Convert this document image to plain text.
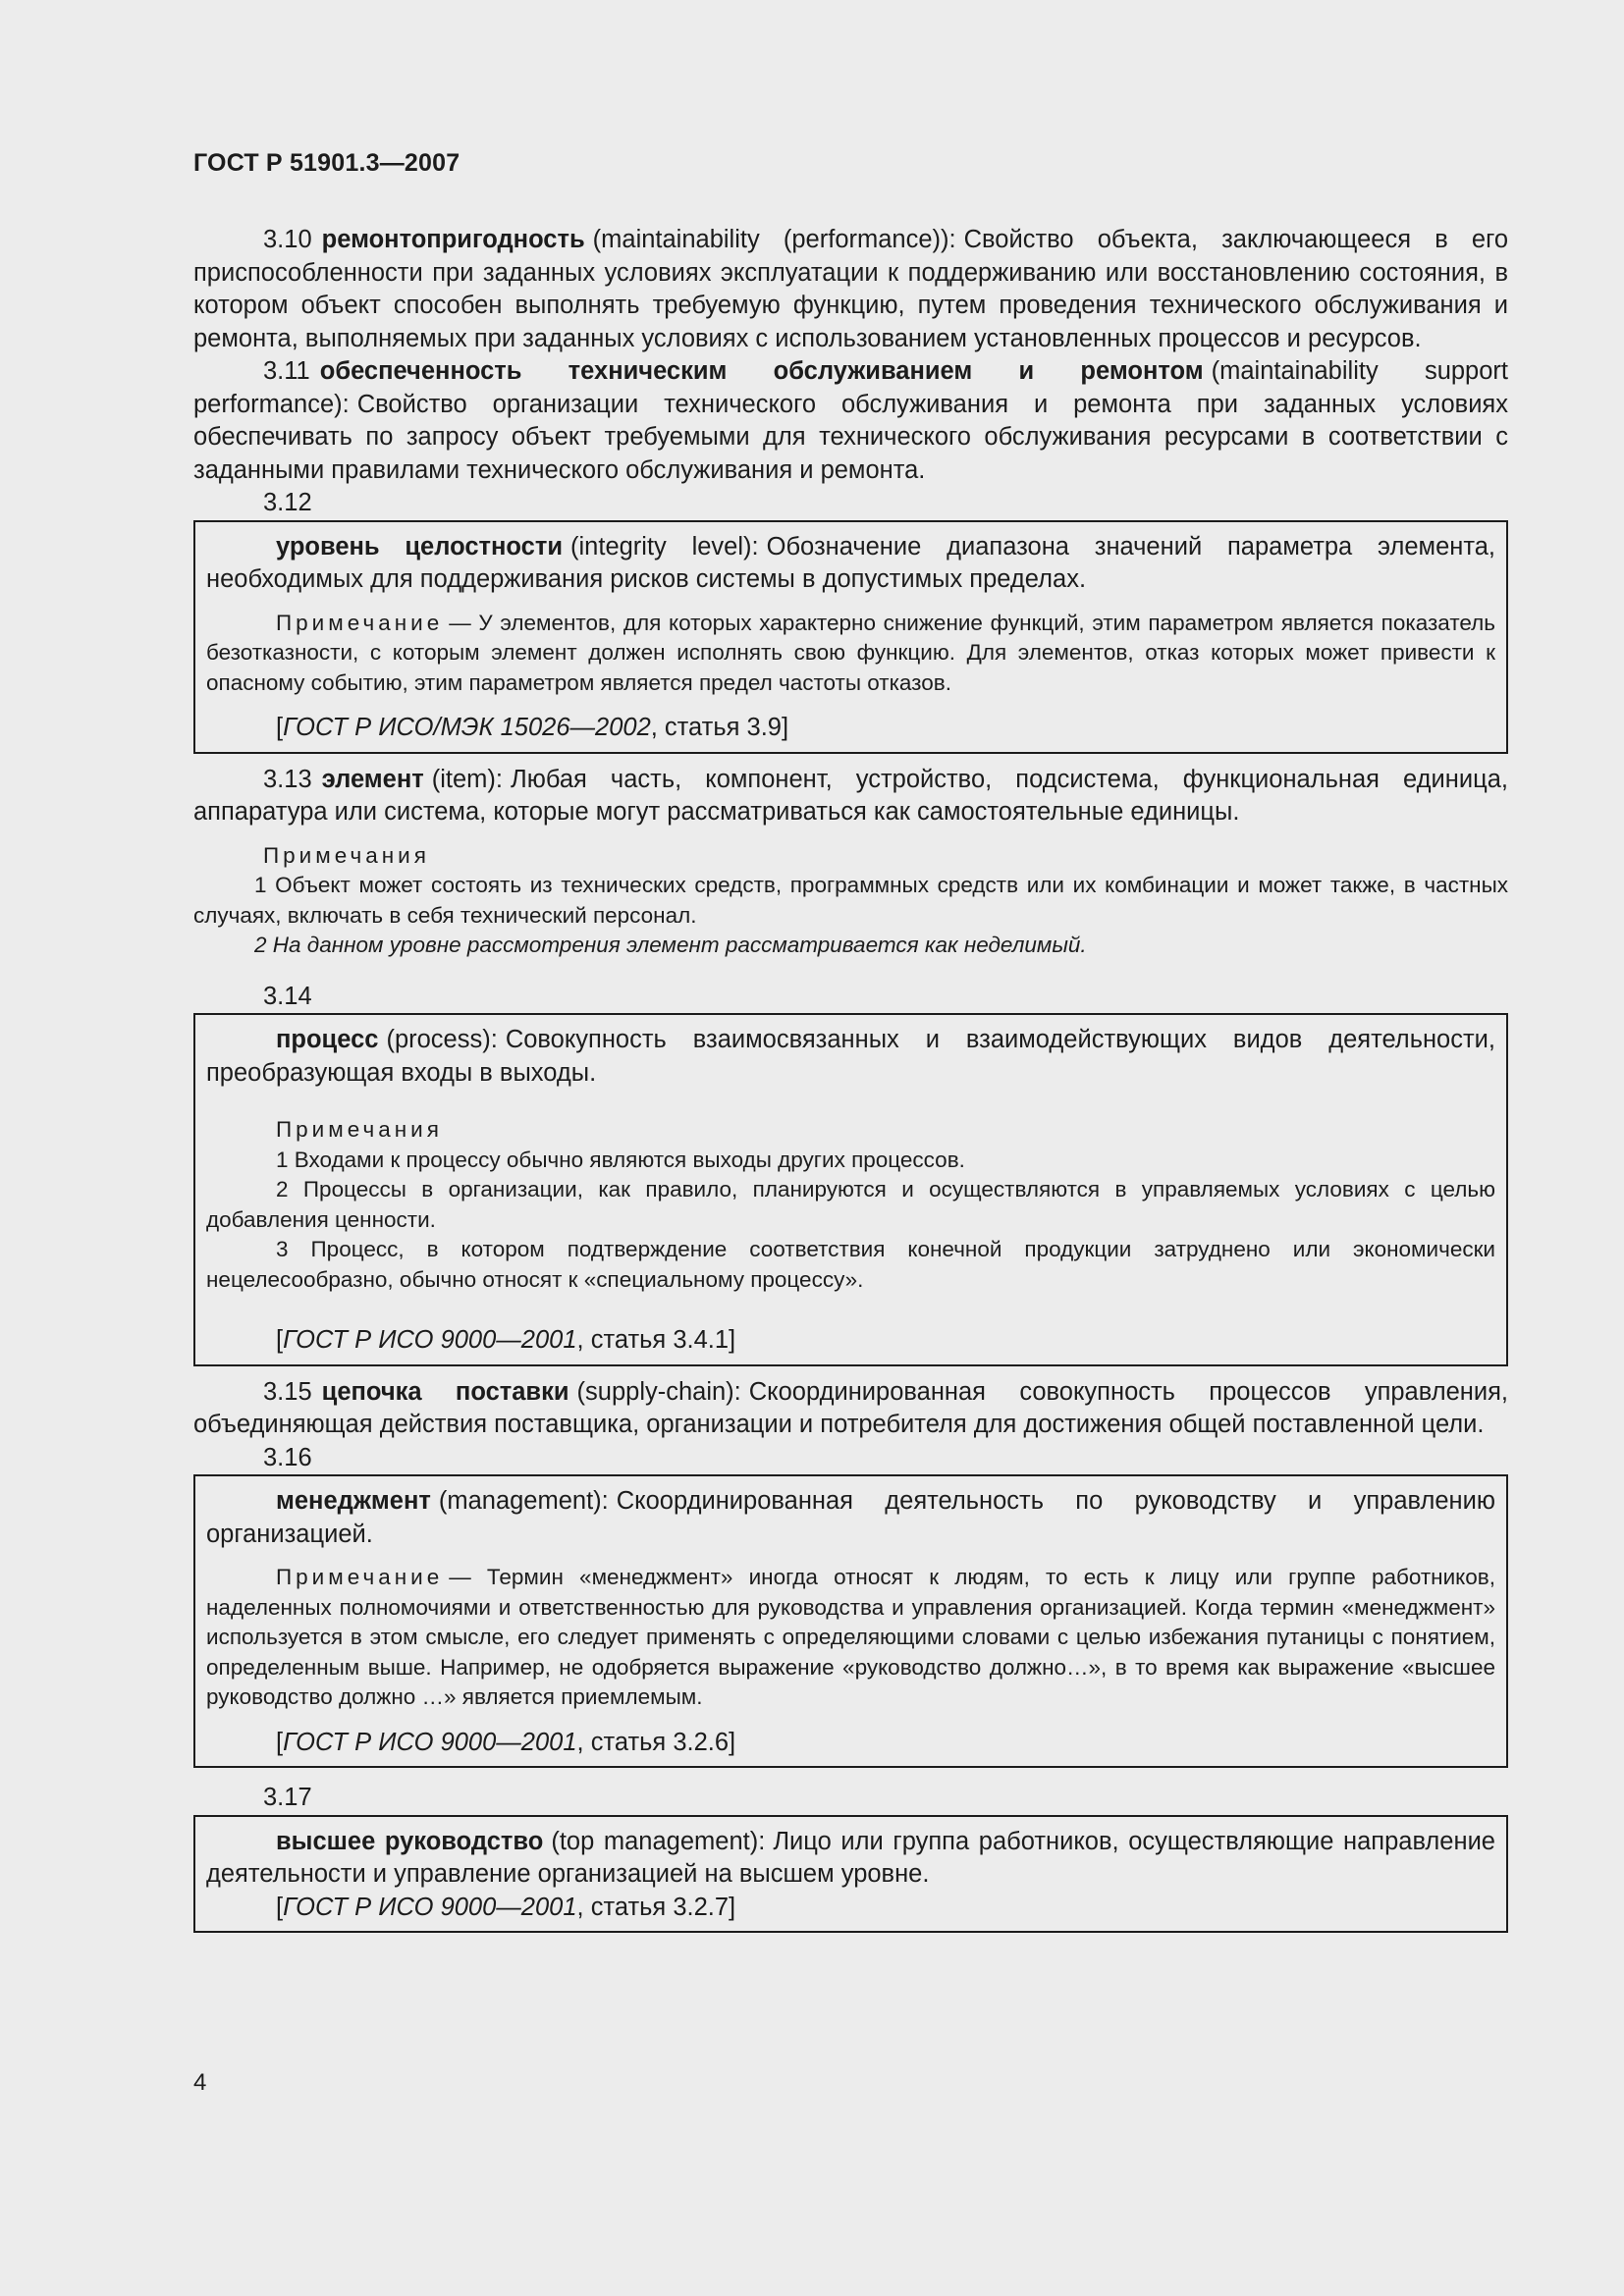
ГОСТ Р 51901.3—2007

3.10 ремонтопригодность (maintainability (performance)): Свойство объекта, заключающееся в его приспособленности при заданных условиях эксплуатации к поддерживанию или восстановлению состояния, в котором объект способен выполнять требуемую функцию, путем проведения технического обслуживания и ремонта, выполняемых при заданных условиях с использованием установленных процессов и ресурсов.

3.11 обеспеченность техническим обслуживанием и ремонтом (maintainability support performance): Свойство организации технического обслуживания и ремонта при заданных условиях обеспечивать по запросу объект требуемыми для технического обслуживания ресурсами в соответствии с заданными правилами технического обслуживания и ремонта.

3.12

уровень целостности (integrity level): Обозначение диапазона значений параметра элемента, необходимых для поддерживания рисков системы в допустимых пределах.

Примечание — У элементов, для которых характерно снижение функций, этим параметром является показатель безотказности, с которым элемент должен исполнять свою функцию. Для элементов, отказ которых может привести к опасному событию, этим параметром является предел частоты отказов.

[ГОСТ Р ИСО/МЭК 15026—2002, статья 3.9]

3.13 элемент (item): Любая часть, компонент, устройство, подсистема, функциональная единица, аппаратура или система, которые могут рассматриваться как самостоятельные единицы.

Примечания

1 Объект может состоять из технических средств, программных средств или их комбинации и может также, в частных случаях, включать в себя технический персонал.

2 На данном уровне рассмотрения элемент рассматривается как неделимый.

3.14

процесс (process): Совокупность взаимосвязанных и взаимодействующих видов деятельности, преобразующая входы в выходы.

Примечания

1 Входами к процессу обычно являются выходы других процессов.

2 Процессы в организации, как правило, планируются и осуществляются в управляемых условиях с целью добавления ценности.

3 Процесс, в котором подтверждение соответствия конечной продукции затруднено или экономически нецелесообразно, обычно относят к «специальному процессу».

[ГОСТ Р ИСО 9000—2001, статья 3.4.1]

3.15 цепочка поставки (supply-chain): Скоординированная совокупность процессов управления, объединяющая действия поставщика, организации и потребителя для достижения общей поставленной цели.

3.16

менеджмент (management): Скоординированная деятельность по руководству и управлению организацией.

Примечание — Термин «менеджмент» иногда относят к людям, то есть к лицу или группе работников, наделенных полномочиями и ответственностью для руководства и управления организацией. Когда термин «менеджмент» используется в этом смысле, его следует применять с определяющими словами с целью избежания путаницы с понятием, определенным выше. Например, не одобряется выражение «руководство должно…», в то время как выражение «высшее руководство должно …» является приемлемым.

[ГОСТ Р ИСО 9000—2001, статья 3.2.6]

3.17

высшее руководство (top management): Лицо или группа работников, осуществляющие направление деятельности и управление организацией на высшем уровне.

[ГОСТ Р ИСО 9000—2001, статья 3.2.7]

4
